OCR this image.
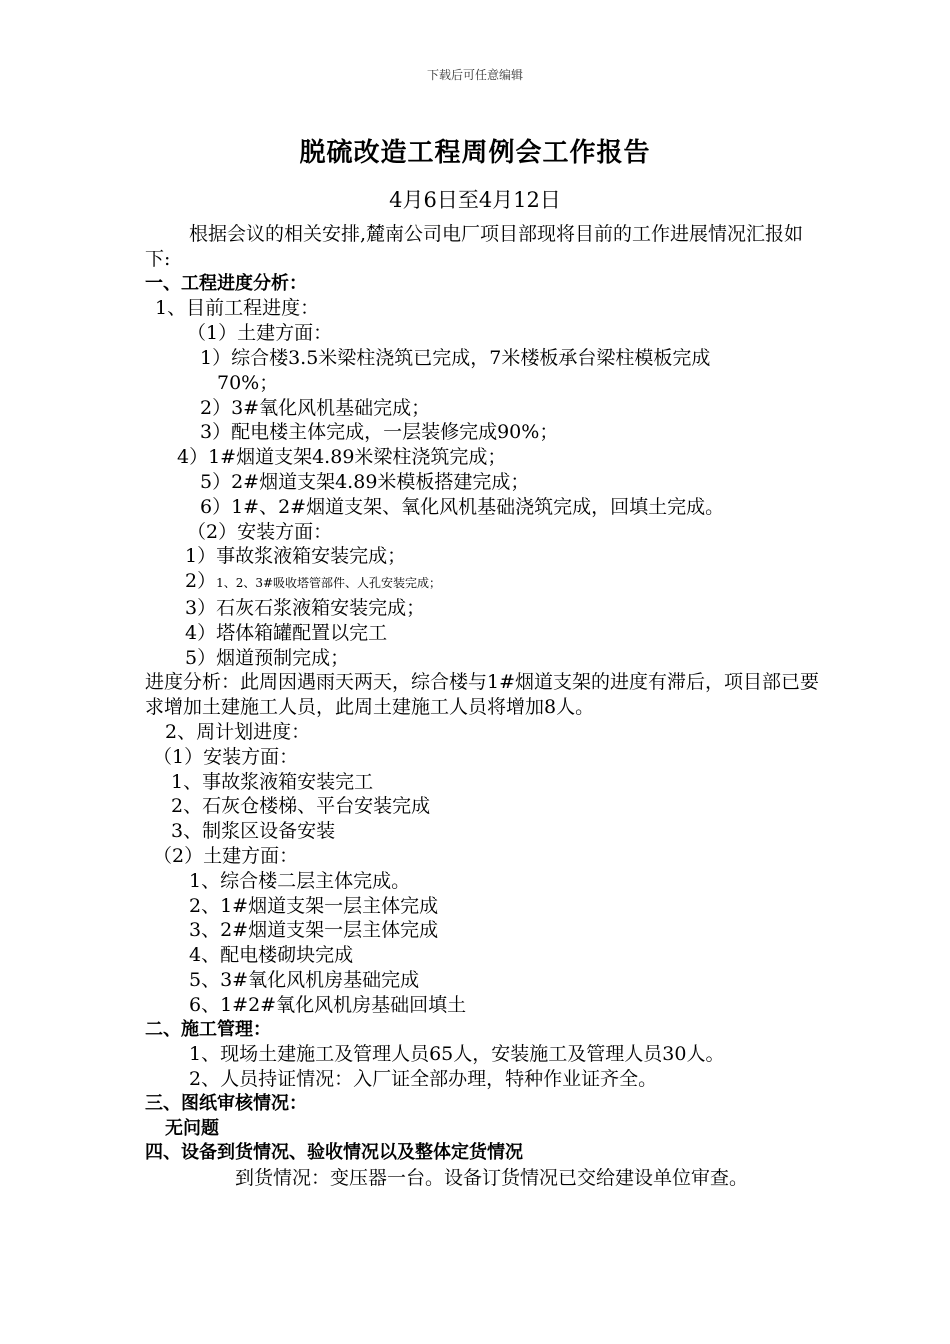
下载后可任意编辑
脱硫改造工程周例会工作报告
4月6日至4月12日
根据会议的相关安排,麓南公司电厂项目部现将目前的工作进展情况汇报如下:
一、工程进度分析：
1、目前工程进度：
（1）土建方面：
1）综合楼3.5米梁柱浇筑已完成，7米楼板承台梁柱模板完成
70%；
2）3#氧化风机基础完成；
3）配电楼主体完成，一层装修完成90%；
4）1#烟道支架4.89米梁柱浇筑完成；
5）2#烟道支架4.89米模板搭建完成；
6）1#、2#烟道支架、氧化风机基础浇筑完成，回填土完成。
（2）安装方面：
1）事故浆液箱安装完成；
2）1、2、3#吸收塔管部件、人孔安装完成；
3）石灰石浆液箱安装完成；
4）塔体箱罐配置以完工
5）烟道预制完成；
进度分析：此周因遇雨天两天，综合楼与1#烟道支架的进度有滞后，项目部已要求增加土建施工人员，此周土建施工人员将增加8人。
2、周计划进度：
（1）安装方面：
1、事故浆液箱安装完工
2、石灰仓楼梯、平台安装完成
3、制浆区设备安装
（2）土建方面：
1、综合楼二层主体完成。
2、1#烟道支架一层主体完成
3、2#烟道支架一层主体完成
4、配电楼砌块完成
5、3#氧化风机房基础完成
6、1#2#氧化风机房基础回填土
二、施工管理：
1、现场土建施工及管理人员65人，安装施工及管理人员30人。
2、人员持证情况：入厂证全部办理，特种作业证齐全。
三、图纸审核情况：
无问题
四、设备到货情况、验收情况以及整体定货情况
到货情况：变压器一台。设备订货情况已交给建设单位审查。
